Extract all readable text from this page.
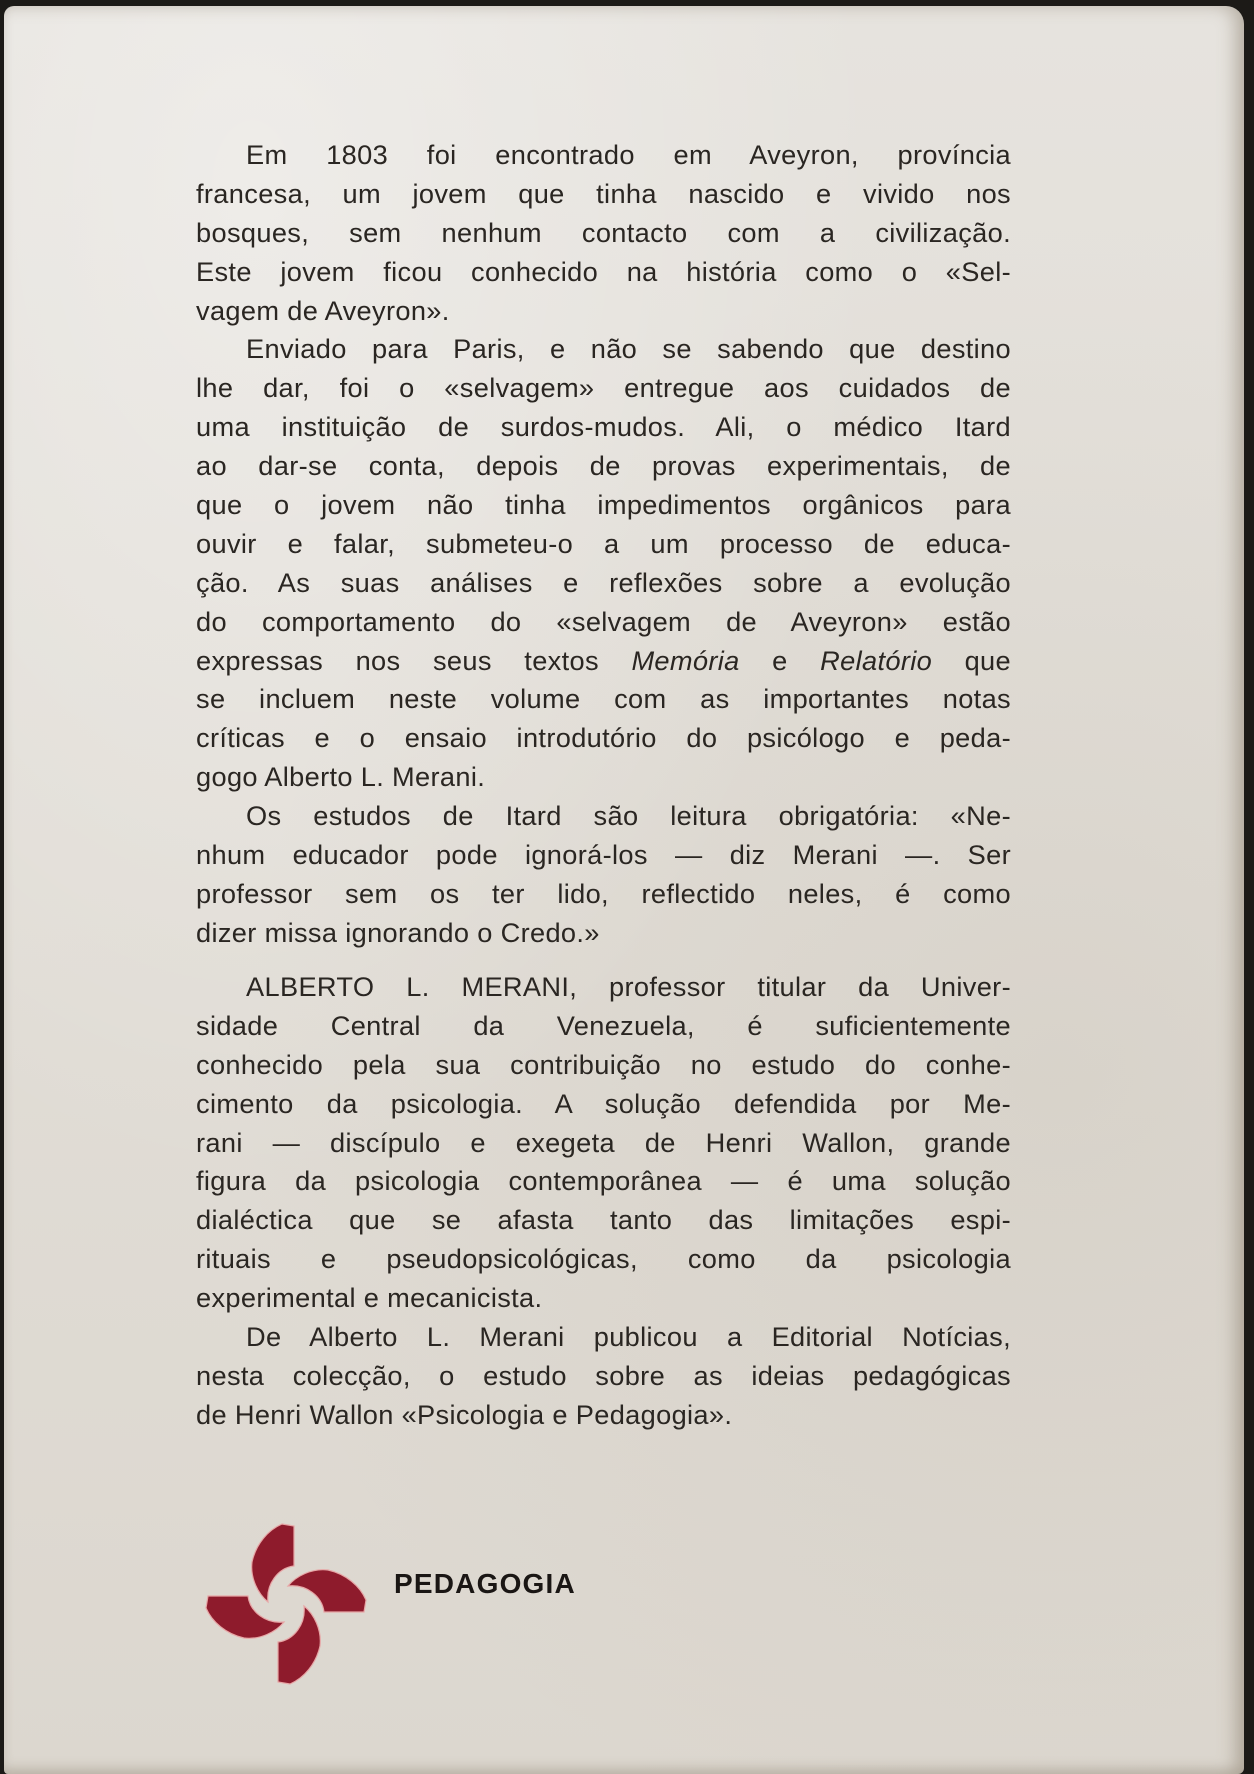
Em 1803 foi encontrado em Aveyron, província
francesa, um jovem que tinha nascido e vivido nos
bosques, sem nenhum contacto com a civilização.
Este jovem ficou conhecido na história como o «Sel-
vagem de Aveyron».
Enviado para Paris, e não se sabendo que destino
lhe dar, foi o «selvagem» entregue aos cuidados de
uma instituição de surdos-mudos. Ali, o médico Itard
ao dar-se conta, depois de provas experimentais, de
que o jovem não tinha impedimentos orgânicos para
ouvir e falar, submeteu-o a um processo de educa-
ção. As suas análises e reflexões sobre a evolução
do comportamento do «selvagem de Aveyron» estão
expressas nos seus textos Memória e Relatório que
se incluem neste volume com as importantes notas
críticas e o ensaio introdutório do psicólogo e peda-
gogo Alberto L. Merani.
Os estudos de Itard são leitura obrigatória: «Ne-
nhum educador pode ignorá-los — diz Merani —. Ser
professor sem os ter lido, reflectido neles, é como
dizer missa ignorando o Credo.»
ALBERTO L. MERANI, professor titular da Univer-
sidade Central da Venezuela, é suficientemente
conhecido pela sua contribuição no estudo do conhe-
cimento da psicologia. A solução defendida por Me-
rani — discípulo e exegeta de Henri Wallon, grande
figura da psicologia contemporânea — é uma solução
dialéctica que se afasta tanto das limitações espi-
rituais e pseudopsicológicas, como da psicologia
experimental e mecanicista.
De Alberto L. Merani publicou a Editorial Notícias,
nesta colecção, o estudo sobre as ideias pedagógicas
de Henri Wallon «Psicologia e Pedagogia».
PEDAGOGIA
